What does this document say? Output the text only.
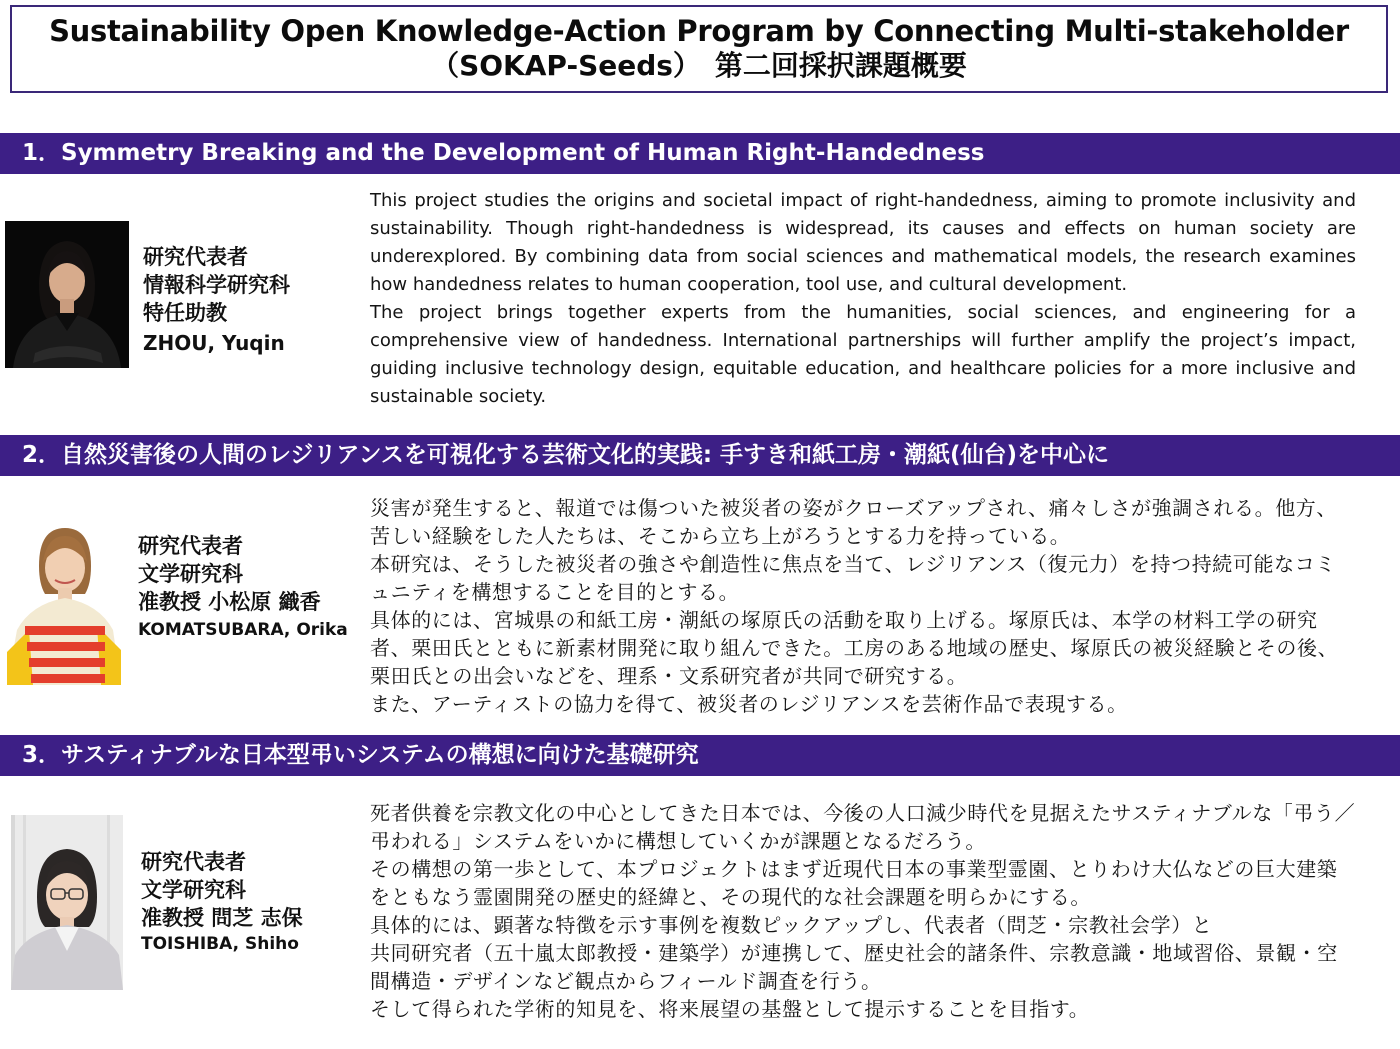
Sustainability Open Knowledge-Action Program by Connecting Multi-stakeholder
（SOKAP-Seeds）　第二回採択課題概要
1．Symmetry Breaking and the Development of Human Right-Handedness
研究代表者
情報科学研究科
特任助教
ZHOU, Yuqin

This project studies the origins and societal impact of right-handedness, aiming to promote inclusivity and sustainability. Though right-handedness is widespread, its causes and effects on human society are underexplored. By combining data from social sciences and mathematical models, the research examines how handedness relates to human cooperation, tool use, and cultural development.

The project brings together experts from the humanities, social sciences, and engineering for a comprehensive view of handedness. International partnerships will further amplify the project’s impact, guiding inclusive technology design, equitable education, and healthcare policies for a more inclusive and sustainable society.

2．自然災害後の人間のレジリアンスを可視化する芸術文化的実践: 手すき和紙工房・潮紙(仙台)を中心に
研究代表者
文学研究科
准教授 小松原 織香
KOMATSUBARA, Orika

災害が発生すると、報道では傷ついた被災者の姿がクローズアップされ、痛々しさが強調される。他方、苦しい経験をした人たちは、そこから立ち上がろうとする力を持っている。

本研究は、そうした被災者の強さや創造性に焦点を当て、レジリアンス（復元力）を持つ持続可能なコミュニティを構想することを目的とする。

具体的には、宮城県の和紙工房・潮紙の塚原氏の活動を取り上げる。塚原氏は、本学の材料工学の研究者、栗田氏とともに新素材開発に取り組んできた。工房のある地域の歴史、塚原氏の被災経験とその後、栗田氏との出会いなどを、理系・文系研究者が共同で研究する。

また、アーティストの協力を得て、被災者のレジリアンスを芸術作品で表現する。

3．サスティナブルな日本型弔いシステムの構想に向けた基礎研究
研究代表者
文学研究科
准教授 問芝 志保
TOISHIBA, Shiho

死者供養を宗教文化の中心としてきた日本では、今後の人口減少時代を見据えたサスティナブルな「弔う／弔われる」システムをいかに構想していくかが課題となるだろう。

その構想の第一歩として、本プロジェクトはまず近現代日本の事業型霊園、とりわけ大仏などの巨大建築をともなう霊園開発の歴史的経緯と、その現代的な社会課題を明らかにする。

具体的には、顕著な特徴を示す事例を複数ピックアップし、代表者（問芝・宗教社会学）と

共同研究者（五十嵐太郎教授・建築学）が連携して、歴史社会的諸条件、宗教意識・地域習俗、景観・空間構造・デザインなど観点からフィールド調査を行う。

そして得られた学術的知見を、将来展望の基盤として提示することを目指す。
